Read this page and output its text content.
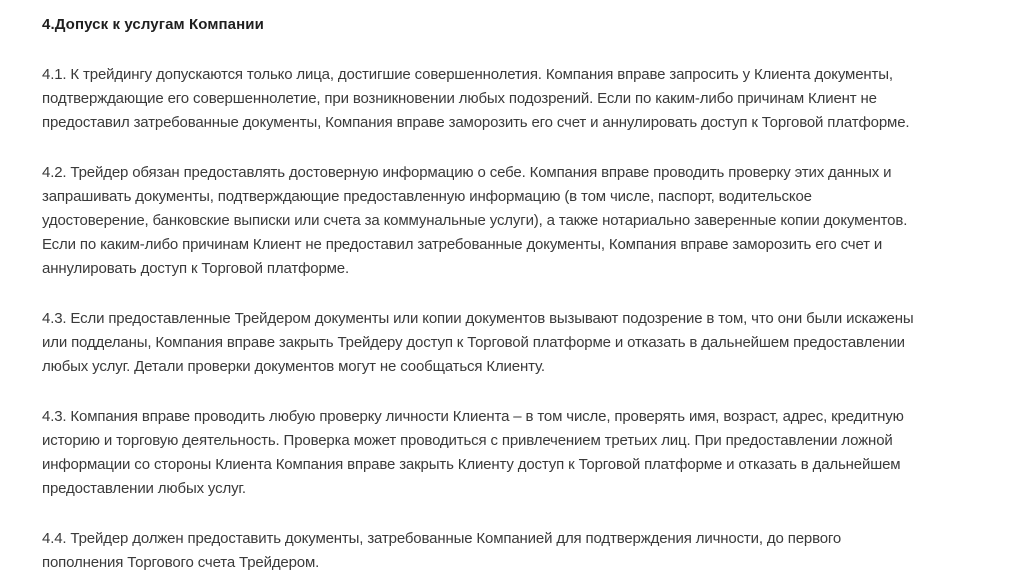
4.Допуск к услугам Компании
4.1. К трейдингу допускаются только лица, достигшие совершеннолетия. Компания вправе запросить у Клиента документы,
подтверждающие его совершеннолетие, при возникновении любых подозрений. Если по каким-либо причинам Клиент не
предоставил затребованные документы, Компания вправе заморозить его счет и аннулировать доступ к Торговой платформе.
4.2. Трейдер обязан предоставлять достоверную информацию о себе. Компания вправе проводить проверку этих данных и
запрашивать документы, подтверждающие предоставленную информацию (в том числе, паспорт, водительское
удостоверение, банковские выписки или счета за коммунальные услуги), а также нотариально заверенные копии документов.
Если по каким-либо причинам Клиент не предоставил затребованные документы, Компания вправе заморозить его счет и
аннулировать доступ к Торговой платформе.
4.3. Если предоставленные Трейдером документы или копии документов вызывают подозрение в том, что они были искажены
или подделаны, Компания вправе закрыть Трейдеру доступ к Торговой платформе и отказать в дальнейшем предоставлении
любых услуг. Детали проверки документов могут не сообщаться Клиенту.
4.3. Компания вправе проводить любую проверку личности Клиента – в том числе, проверять имя, возраст, адрес, кредитную
историю и торговую деятельность. Проверка может проводиться с привлечением третьих лиц. При предоставлении ложной
информации со стороны Клиента Компания вправе закрыть Клиенту доступ к Торговой платформе и отказать в дальнейшем
предоставлении любых услуг.
4.4. Трейдер должен предоставить документы, затребованные Компанией для подтверждения личности, до первого
пополнения Торгового счета Трейдером.
